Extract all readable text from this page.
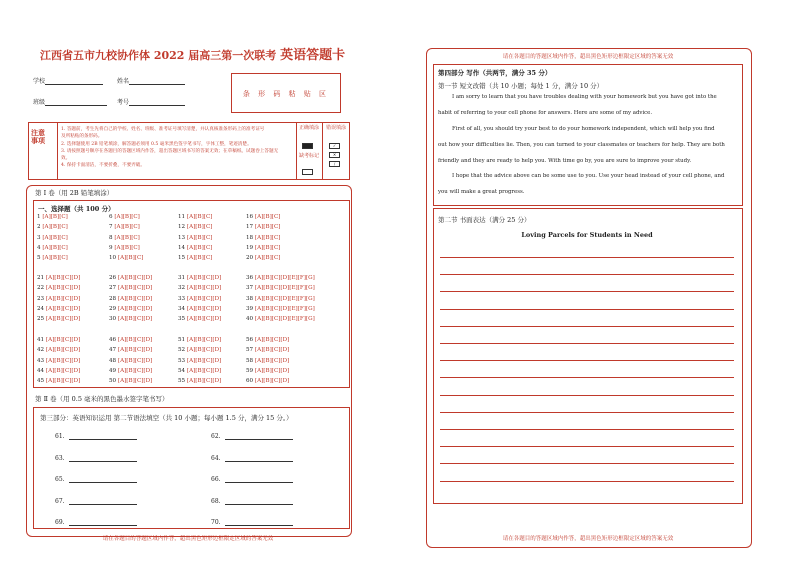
江西省五市九校协作体 2022 届高三第一次联考 英语答题卡
学校	姓名
班级	考号
条 形 码 粘 贴 区
注意事项
1. 答题前，考生先将自己的学校、姓名、班级、准考证号填写清楚，并认真核准条形码上的准考证号
及所粘贴的条形码。
2. 选择题使用 2B 铅笔填涂，解答题必须用 0.5 毫米黑色签字笔书写，字体工整，笔迹清楚。
3. 请按照题号顺序在各题目的答题区域内作答，超出答题区域书写的答案无效；在草稿纸、试题卷上答题无效。
4. 保持卡面清洁，不要折叠，不要弄破。
正确填涂
缺考标记
错误填涂
✓
✕
/
第 Ⅰ 卷（用 2B 铅笔填涂）
一、选择题（共 100 分）
1 [A][B][C]
2 [A][B][C]
3 [A][B][C]
4 [A][B][C]
5 [A][B][C]
6 [A][B][C]
7 [A][B][C]
8 [A][B][C]
9 [A][B][C]
10 [A][B][C]
11 [A][B][C]
12 [A][B][C]
13 [A][B][C]
14 [A][B][C]
15 [A][B][C]
16 [A][B][C]
17 [A][B][C]
18 [A][B][C]
19 [A][B][C]
20 [A][B][C]
21 [A][B][C][D]
22 [A][B][C][D]
23 [A][B][C][D]
24 [A][B][C][D]
25 [A][B][C][D]
26 [A][B][C][D]
27 [A][B][C][D]
28 [A][B][C][D]
29 [A][B][C][D]
30 [A][B][C][D]
31 [A][B][C][D]
32 [A][B][C][D]
33 [A][B][C][D]
34 [A][B][C][D]
35 [A][B][C][D]
36 [A][B][C][D][E][F][G]
37 [A][B][C][D][E][F][G]
38 [A][B][C][D][E][F][G]
39 [A][B][C][D][E][F][G]
40 [A][B][C][D][E][F][G]
41 [A][B][C][D]
42 [A][B][C][D]
43 [A][B][C][D]
44 [A][B][C][D]
45 [A][B][C][D]
46 [A][B][C][D]
47 [A][B][C][D]
48 [A][B][C][D]
49 [A][B][C][D]
50 [A][B][C][D]
51 [A][B][C][D]
52 [A][B][C][D]
53 [A][B][C][D]
54 [A][B][C][D]
55 [A][B][C][D]
56 [A][B][C][D]
57 [A][B][C][D]
58 [A][B][C][D]
59 [A][B][C][D]
60 [A][B][C][D]
第 Ⅱ 卷（用 0.5 毫米的黑色墨水签字笔书写）
第三部分：英语知识运用 第二节语法填空（共 10 小题；每小题 1.5 分，满分 15 分。）
61.	62.
63.	64.
65.	66.
67.	68.
69.	70.
请在各题目的答题区域内作答，超出黑色矩形边框限定区域的答案无效
请在各题目的答题区域内作答，超出黑色矩形边框限定区域的答案无效
第四部分 写作（共两节，满分 35 分）
第一节 短文改错（共 10 小题；每处 1 分，满分 10 分）
I am sorry to learn that you have troubles dealing with your homework but you have got into the
habit of referring to your cell phone for answers. Here are some of my advice.
First of all, you should try your best to do your homework independent, which will help you find
out how your difficulties lie. Then, you can turned to your classmates or teachers for help. They are both
friendly and they are ready to help you. With time go by, you are sure to improve your study.
I hope that the advice above can be some use to you. Use your head instead of your cell phone, and
you will make a great progress.
第二节 书面表达（满分 25 分）
Loving Parcels for Students in Need
请在各题目的答题区域内作答，超出黑色矩形边框限定区域的答案无效
